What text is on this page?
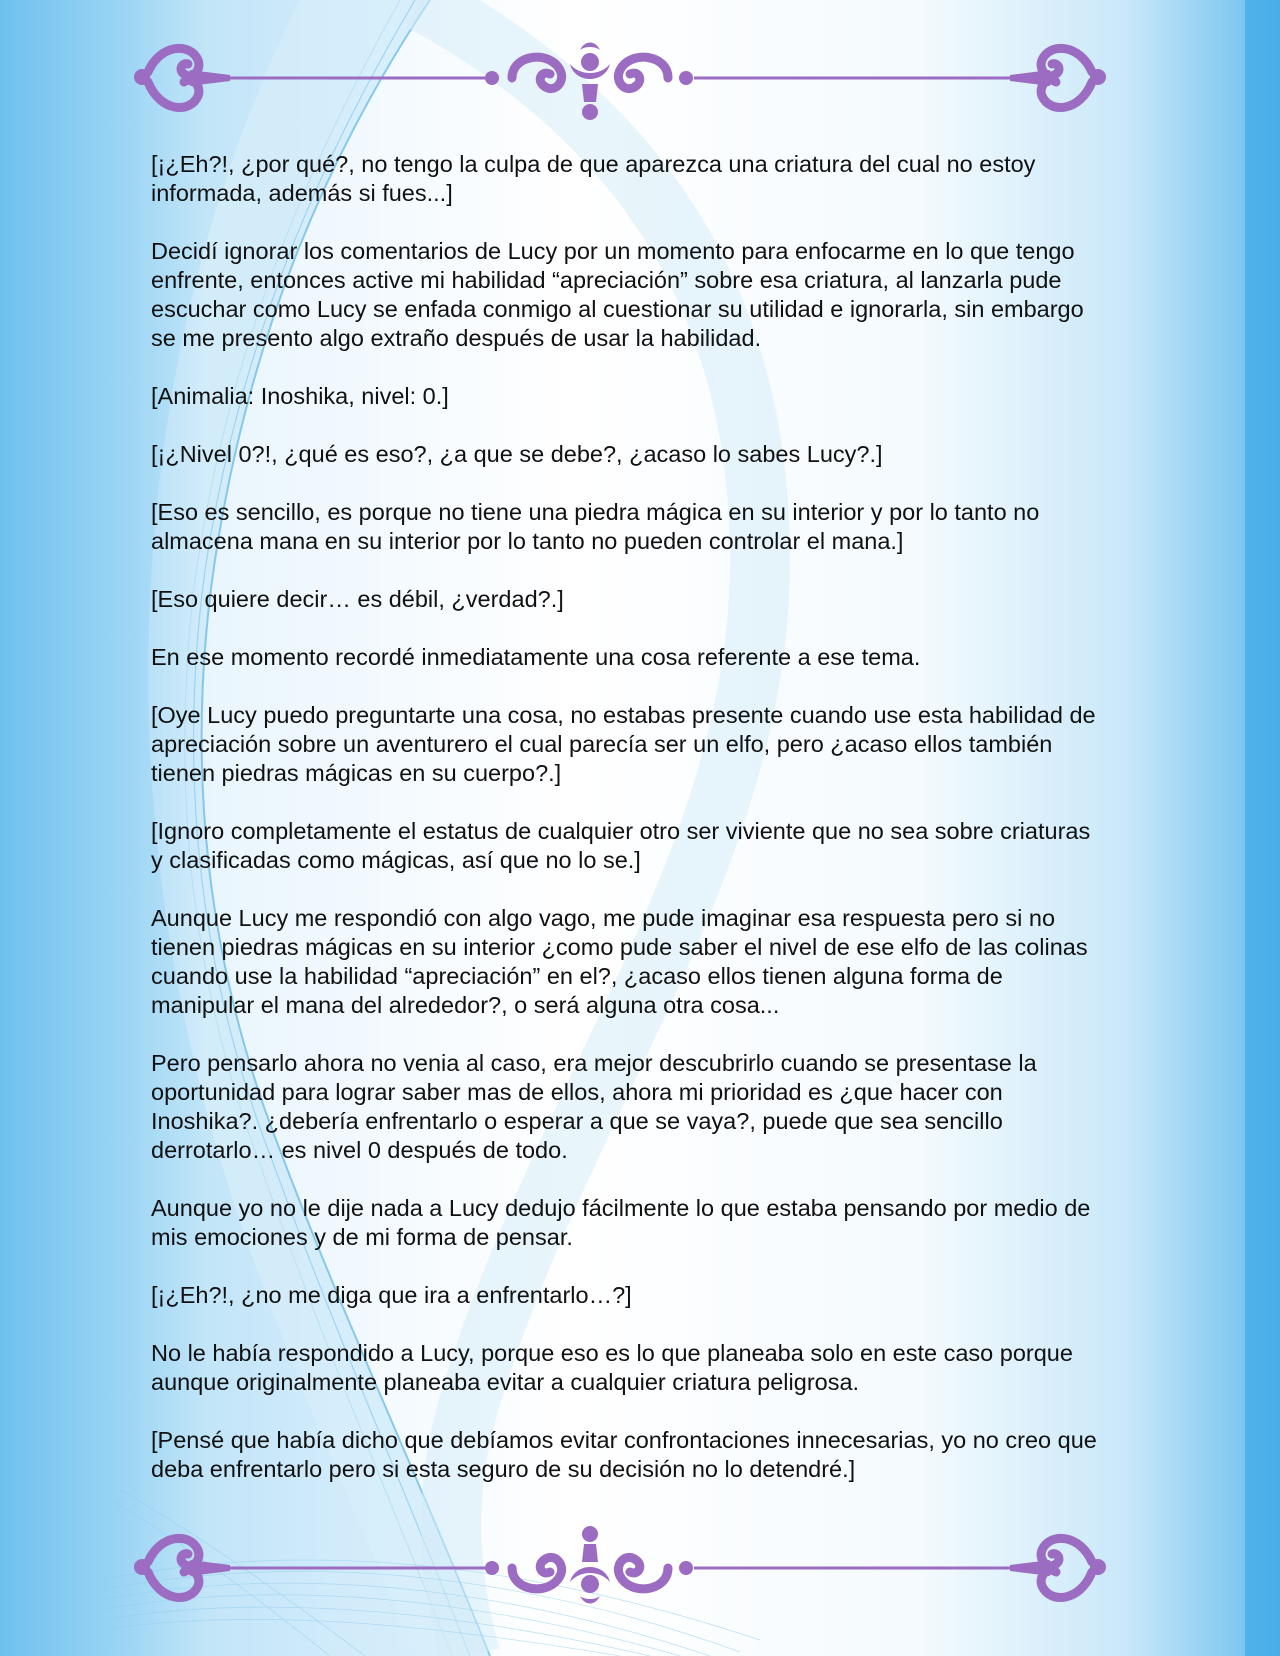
[¡¿Eh?!, ¿por qué?, no tengo la culpa de que aparezca una criatura del cual no estoy informada, además si fues...]

Decidí ignorar los comentarios de Lucy por un momento para enfocarme en lo que tengo enfrente, entonces active mi habilidad “apreciación” sobre esa criatura, al lanzarla pude escuchar como Lucy se enfada conmigo al cuestionar su utilidad e ignorarla, sin embargo se me presento algo extraño después de usar la habilidad.

[Animalia: Inoshika, nivel: 0.]

[¡¿Nivel 0?!, ¿qué es eso?, ¿a que se debe?, ¿acaso lo sabes Lucy?.]

[Eso es sencillo, es porque no tiene una piedra mágica en su interior y por lo tanto no almacena mana en su interior por lo tanto no pueden controlar el mana.]

[Eso quiere decir… es débil, ¿verdad?.]

En ese momento recordé inmediatamente una cosa referente a ese tema.

[Oye Lucy puedo preguntarte una cosa, no estabas presente cuando use esta habilidad de apreciación sobre un aventurero el cual parecía ser un elfo, pero ¿acaso ellos también tienen piedras mágicas en su cuerpo?.]

[Ignoro completamente el estatus de cualquier otro ser viviente que no sea sobre criaturas y clasificadas como mágicas, así que no lo se.]

Aunque Lucy me respondió con algo vago, me pude imaginar esa respuesta pero si no tienen piedras mágicas en su interior ¿como pude saber el nivel de ese elfo de las colinas cuando use la habilidad “apreciación” en el?, ¿acaso ellos tienen alguna forma de manipular el mana del alrededor?, o será alguna otra cosa...

Pero pensarlo ahora no venia al caso, era mejor descubrirlo cuando se presentase la oportunidad para lograr saber mas de ellos, ahora mi prioridad es ¿que hacer con Inoshika?. ¿debería enfrentarlo o esperar a que se vaya?, puede que sea sencillo derrotarlo… es nivel 0 después de todo.

Aunque yo no le dije nada a Lucy dedujo fácilmente lo que estaba pensando por medio de mis emociones y de mi forma de pensar.

[¡¿Eh?!, ¿no me diga que ira a enfrentarlo…?]

No le había respondido a Lucy, porque eso es lo que planeaba solo en este caso porque aunque originalmente planeaba evitar a cualquier criatura peligrosa.

[Pensé que había dicho que debíamos evitar confrontaciones innecesarias, yo no creo que deba enfrentarlo pero si esta seguro de su decisión no lo detendré.]
